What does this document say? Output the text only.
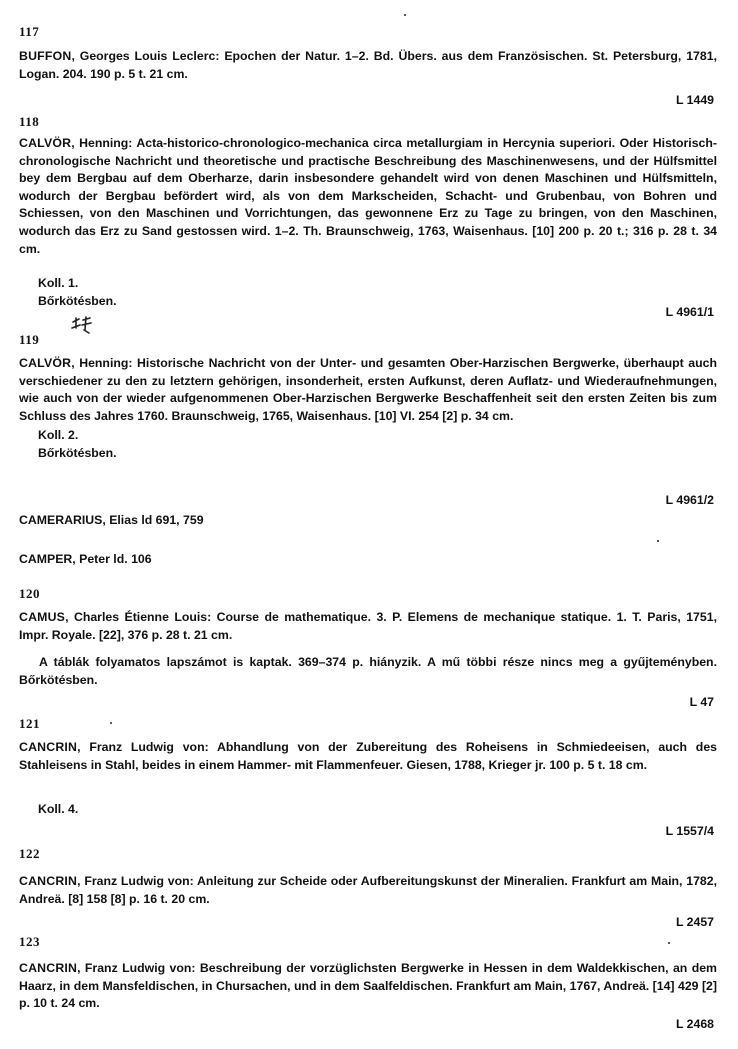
117
BUFFON, Georges Louis Leclerc: Epochen der Natur. 1–2. Bd. Übers. aus dem Französischen. St. Petersburg, 1781, Logan. 204. 190 p. 5 t. 21 cm.
L 1449
118
CALVÖR, Henning: Acta-historico-chronologico-mechanica circa metallurgiam in Hercynia superiori. Oder Historisch-chronologische Nachricht und theoretische und practische Beschreibung des Maschinenwesens, und der Hülfsmittel bey dem Bergbau auf dem Oberharze, darin insbesondere gehandelt wird von denen Maschinen und Hülfsmitteln, wodurch der Bergbau befördert wird, als von dem Markscheiden, Schacht- und Grubenbau, von Bohren und Schiessen, von den Maschinen und Vorrichtungen, das gewonnene Erz zu Tage zu bringen, von den Maschinen, wodurch das Erz zu Sand gestossen wird. 1–2. Th. Braunschweig, 1763, Waisenhaus. [10] 200 p. 20 t.; 316 p. 28 t. 34 cm.
Koll. 1.
Bőrkötésben.
L 4961/1
119
CALVÖR, Henning: Historische Nachricht von der Unter- und gesamten Ober-Harzischen Bergwerke, überhaupt auch verschiedener zu den zu letztern gehörigen, insonderheit, ersten Aufkunst, deren Auflatz- und Wiederaufnehmungen, wie auch von der wieder aufgenommenen Ober-Harzischen Bergwerke Beschaffenheit seit den ersten Zeiten bis zum Schluss des Jahres 1760. Braunschweig, 1765, Waisenhaus. [10] VI. 254 [2] p. 34 cm.
Koll. 2.
Bőrkötésben.
L 4961/2
CAMERARIUS, Elias ld 691, 759
CAMPER, Peter ld. 106
120
CAMUS, Charles Étienne Louis: Course de mathematique. 3. P. Elemens de mechanique statique. 1. T. Paris, 1751, Impr. Royale. [22], 376 p. 28 t. 21 cm.
A táblák folyamatos lapszámot is kaptak. 369–374 p. hiányzik. A mű többi része nincs meg a gyűjteményben. Bőrkötésben.
L 47
121
CANCRIN, Franz Ludwig von: Abhandlung von der Zubereitung des Roheisens in Schmiedeeisen, auch des Stahleisens in Stahl, beides in einem Hammer- mit Flammenfeuer. Giesen, 1788, Krieger jr. 100 p. 5 t. 18 cm.
Koll. 4.
L 1557/4
122
CANCRIN, Franz Ludwig von: Anleitung zur Scheide oder Aufbereitungskunst der Mineralien. Frankfurt am Main, 1782, Andreä. [8] 158 [8] p. 16 t. 20 cm.
L 2457
123
CANCRIN, Franz Ludwig von: Beschreibung der vorzüglichsten Bergwerke in Hessen in dem Waldekkischen, an dem Haarz, in dem Mansfeldischen, in Chursachen, und in dem Saalfeldischen. Frankfurt am Main, 1767, Andreä. [14] 429 [2] p. 10 t. 24 cm.
L 2468
